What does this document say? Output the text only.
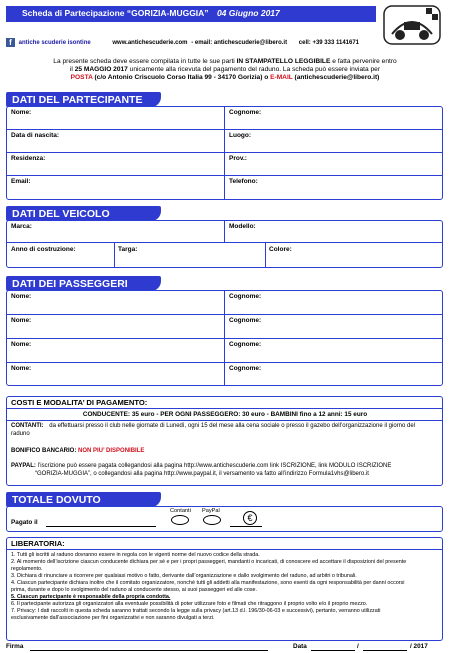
Scheda di Partecipazione “GORIZIA-MUGGIA” 04 Giugno 2017
f antiche scuderie isontine	www.antichescuderie.com - email: antichescuderie@libero.it cell: +39 333 1141671
La presente scheda deve essere compilata in tutte le sue parti IN STAMPATELLO LEGGIBILE e fatta pervenire entro
il 25 MAGGIO 2017 unicamente alla ricevuta del pagamento del raduno. La scheda può essere inviata per
POSTA (c/o Antonio Criscuolo Corso Italia 99 - 34170 Gorizia) o E-MAIL (antichescuderie@libero.it)
DATI DEL PARTECIPANTE
Nome:	Cognome:
Data di nascita:	Luogo:
Residenza:	Prov.:
Email:	Telefono:
DATI DEL VEICOLO
Marca:	Modello:
Anno di costruzione:	Targa:	Colore:
DATI DEI PASSEGGERI
Nome:	Cognome:
Nome:	Cognome:
Nome:	Cognome:
Nome:	Cognome:
COSTI E MODALITA’ DI PAGAMENTO:
CONDUCENTE: 35 euro - PER OGNI PASSEGGERO: 30 euro - BAMBINI fino a 12 anni: 15 euro
CONTANTI: da effettuarsi presso il club nelle giornate di Lunedì, ogni 15 del mese alla cena sociale o presso il gazebo dell’organizzazione il giorno del raduno
BONIFICO BANCARIO: NON PIU’ DISPONIBILE
PAYPAL: l’iscrizione può essere pagata collegandosi alla pagina http://www.antichescuderie.com link ISCRIZIONE, link MODULO ISCRIZIONE
“GORIZIA-MUGGIA”, o collegandosi alla pagina http://www.paypal.it, il versamento va fatto all’indirizzo Formula1vhs@libero.it
TOTALE DOVUTO
Pagato il
Contanti PayPal
€
LIBERATORIA:
1. Tutti gli iscritti al raduno dovranno essere in regola con le vigenti norme del nuovo codice della strada.
2. Al momento dell’iscrizione ciascun conducente dichiara per sé e per i propri passeggeri, mandanti o incaricati, di conoscere ed accettare il disposizioni del presente
regolamento.
3. Dichiara di rinunciare a ricorrere per qualsiasi motivo o fatto, derivante dall’organizzazione e dallo svolgimento del raduno, ad arbitri o tribunali.
4. Ciascun partecipante dichiara inoltre che il comitato organizzatore, nonché tutti gli addetti alla manifestazione, sono esenti da ogni responsabilità per danni occorsi
prima, durante e dopo lo svolgimento del raduno al conducente stesso, ai suoi passeggeri ed alle cose.
5. Ciascun partecipante è responsabile della propria condotta.
6. Il partecipante autorizza gli organizzatori alla eventuale possibilità di poter utilizzare foto e filmati che ritraggono il proprio volto e/o il proprio mezzo.
7. Privacy: I dati raccolti in questa scheda saranno trattati secondo la legge sulla privacy (art.13 d.l. 196/30-06-03 e successivi), pertanto, verranno utilizzati
esclusivamente dall’associazione per fini organizzativi e non saranno divulgati a terzi.
Firma	Data	/	/ 2017
